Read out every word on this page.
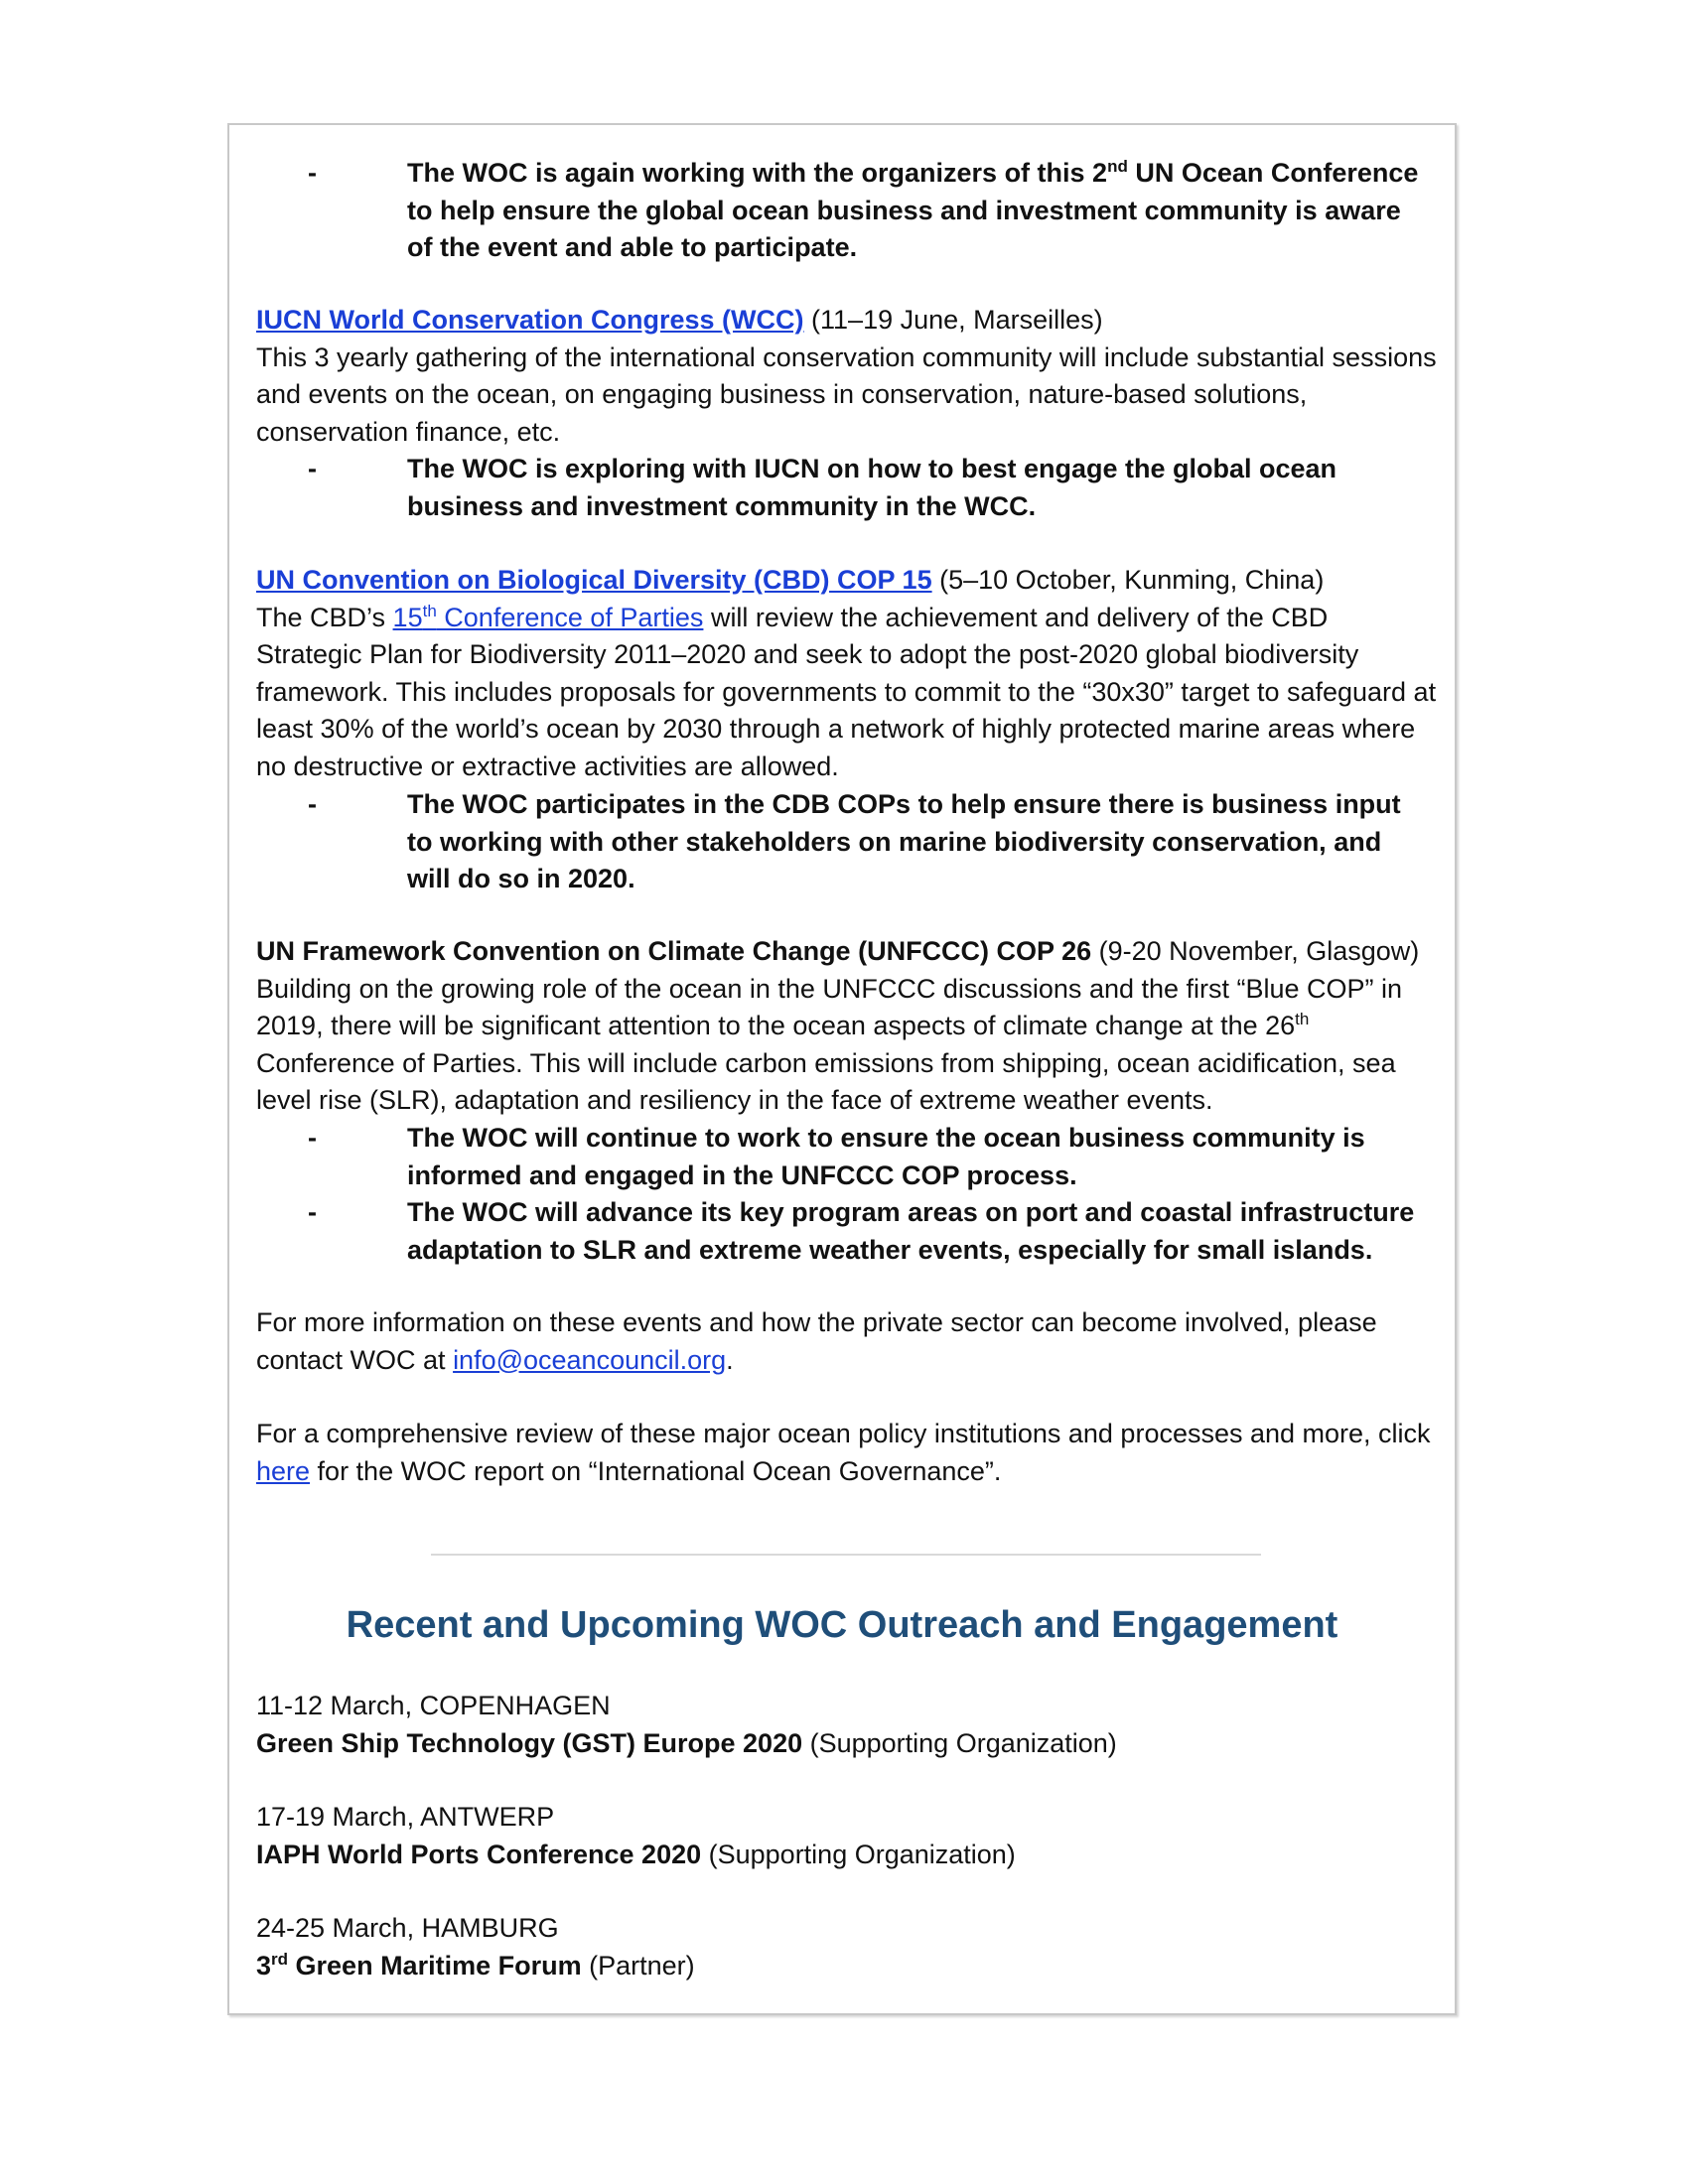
-	The WOC is again working with the organizers of this 2nd UN Ocean Conference to help ensure the global ocean business and investment community is aware of the event and able to participate.
IUCN World Conservation Congress (WCC) (11–19 June, Marseilles)
This 3 yearly gathering of the international conservation community will include substantial sessions and events on the ocean, on engaging business in conservation, nature-based solutions, conservation finance, etc.
-	The WOC is exploring with IUCN on how to best engage the global ocean business and investment community in the WCC.
UN Convention on Biological Diversity (CBD) COP 15 (5–10 October, Kunming, China)
The CBD’s 15th Conference of Parties will review the achievement and delivery of the CBD Strategic Plan for Biodiversity 2011–2020 and seek to adopt the post-2020 global biodiversity framework. This includes proposals for governments to commit to the “30x30” target to safeguard at least 30% of the world’s ocean by 2030 through a network of highly protected marine areas where no destructive or extractive activities are allowed.
-	The WOC participates in the CDB COPs to help ensure there is business input to working with other stakeholders on marine biodiversity conservation, and will do so in 2020.
UN Framework Convention on Climate Change (UNFCCC) COP 26 (9-20 November, Glasgow)
Building on the growing role of the ocean in the UNFCCC discussions and the first “Blue COP” in 2019, there will be significant attention to the ocean aspects of climate change at the 26th Conference of Parties. This will include carbon emissions from shipping, ocean acidification, sea level rise (SLR), adaptation and resiliency in the face of extreme weather events.
-	The WOC will continue to work to ensure the ocean business community is informed and engaged in the UNFCCC COP process.
-	The WOC will advance its key program areas on port and coastal infrastructure adaptation to SLR and extreme weather events, especially for small islands.
For more information on these events and how the private sector can become involved, please contact WOC at info@oceancouncil.org.
For a comprehensive review of these major ocean policy institutions and processes and more, click here for the WOC report on “International Ocean Governance”.
11-12 March, COPENHAGEN
Green Ship Technology (GST) Europe 2020 (Supporting Organization)
17-19 March, ANTWERP
IAPH World Ports Conference 2020 (Supporting Organization)
24-25 March, HAMBURG
3rd Green Maritime Forum (Partner)
Recent and Upcoming WOC Outreach and Engagement
